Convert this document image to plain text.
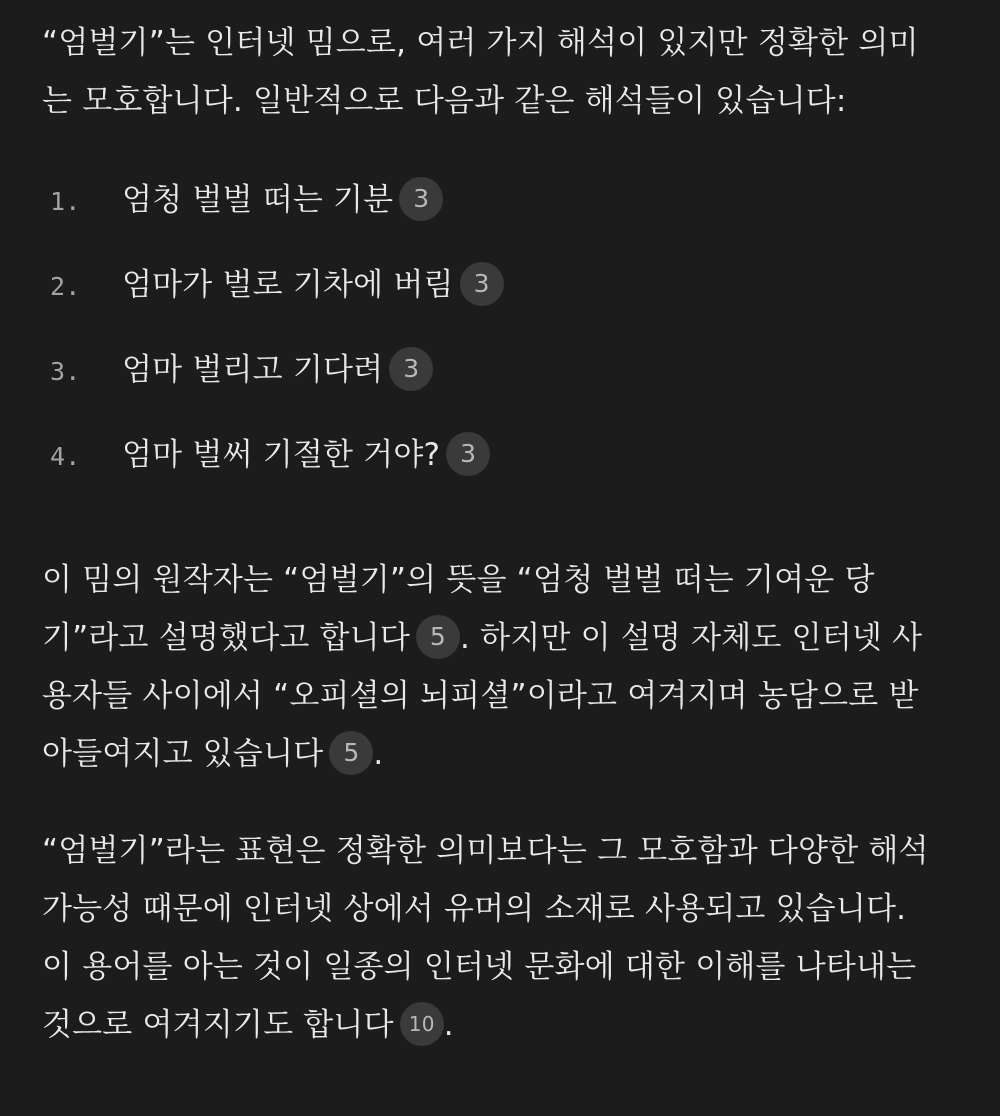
“엄벌기”는 인터넷 밈으로, 여러 가지 해석이 있지만 정확한 의미
는 모호합니다. 일반적으로 다음과 같은 해석들이 있습니다:
1.	엄청 벌벌 떠는 기분 3
2.	엄마가 벌로 기차에 버림 3
3.	엄마 벌리고 기다려 3
4.	엄마 벌써 기절한 거야? 3
이 밈의 원작자는 “엄벌기”의 뜻을 “엄청 벌벌 떠는 기여운 당
기”라고 설명했다고 합니다 5 . 하지만 이 설명 자체도 인터넷 사
용자들 사이에서 “오피셜의 뇌피셜”이라고 여겨지며 농담으로 받
아들여지고 있습니다 5 .
“엄벌기”라는 표현은 정확한 의미보다는 그 모호함과 다양한 해석
가능성 때문에 인터넷 상에서 유머의 소재로 사용되고 있습니다.
이 용어를 아는 것이 일종의 인터넷 문화에 대한 이해를 나타내는
것으로 여겨지기도 합니다 10 .
